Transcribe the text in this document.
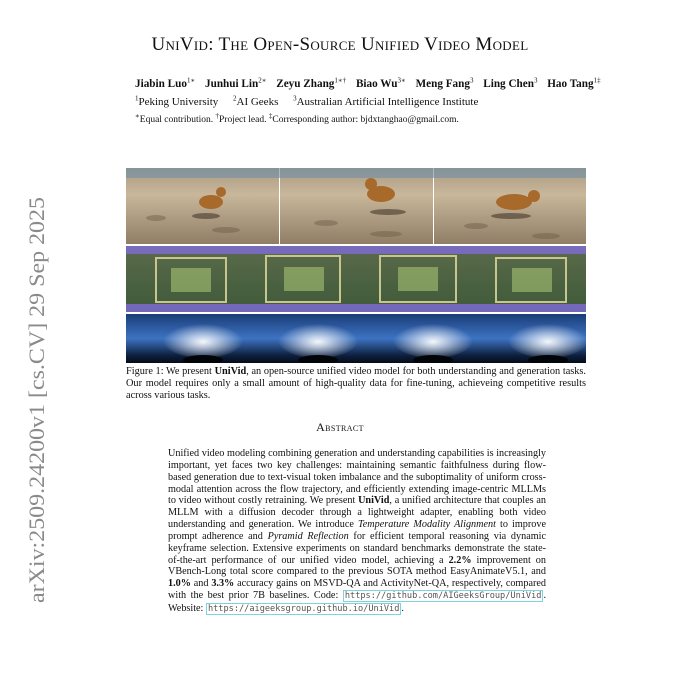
arXiv:2509.24200v1 [cs.CV] 29 Sep 2025
UniVid: The Open-Source Unified Video Model
Jiabin Luo$^{1∗}$ Junhui Lin$^{2∗}$ Zeyu Zhang$^{1∗\dagger}$ Biao $Wu^{3∗}$ Meng Fang$^3$ Ling Chen$^3$ Hao Tang$^{1\ddagger}$
$^1$Peking University $^2$AI Geeks $^3$Australian Artificial Intelligence Institute
∗Equal contribution. †Project lead. ‡Corresponding author: bjdxtanghao@gmail.com.
Figure 1: We present UniVid, an open-source unified video model for both understanding and generation tasks. Our model requires only a small amount of high-quality data for fine-tuning, achieveing competitive results across various tasks.
Abstract
Unified video modeling combining generation and understanding capabilities is increasingly important, yet faces two key challenges: maintaining semantic faithfulness during flow-based generation due to text-visual token imbalance and the suboptimality of uniform cross-modal attention across the flow trajectory, and efficiently extending image-centric MLLMs to video without costly retraining. We present UniVid, a unified architecture that couples an MLLM with a diffusion decoder through a lightweight adapter, enabling both video understanding and generation. We introduce Temperature Modality Alignment to improve prompt adherence and Pyramid Reflection for efficient temporal reasoning via dynamic keyframe selection. Extensive experiments on standard benchmarks demonstrate the state-of-the-art performance of our unified video model, achieving a 2.2% improvement on VBench-Long total score compared to the previous SOTA method EasyAnimateV5.1, and 1.0% and 3.3% accuracy gains on MSVD-QA and ActivityNet-QA, respectively, compared with the best prior 7B baselines. Code: https://github.com/AIGeeksGroup/UniVid . Website: https://aigeeksgroup.github.io/UniVid .
